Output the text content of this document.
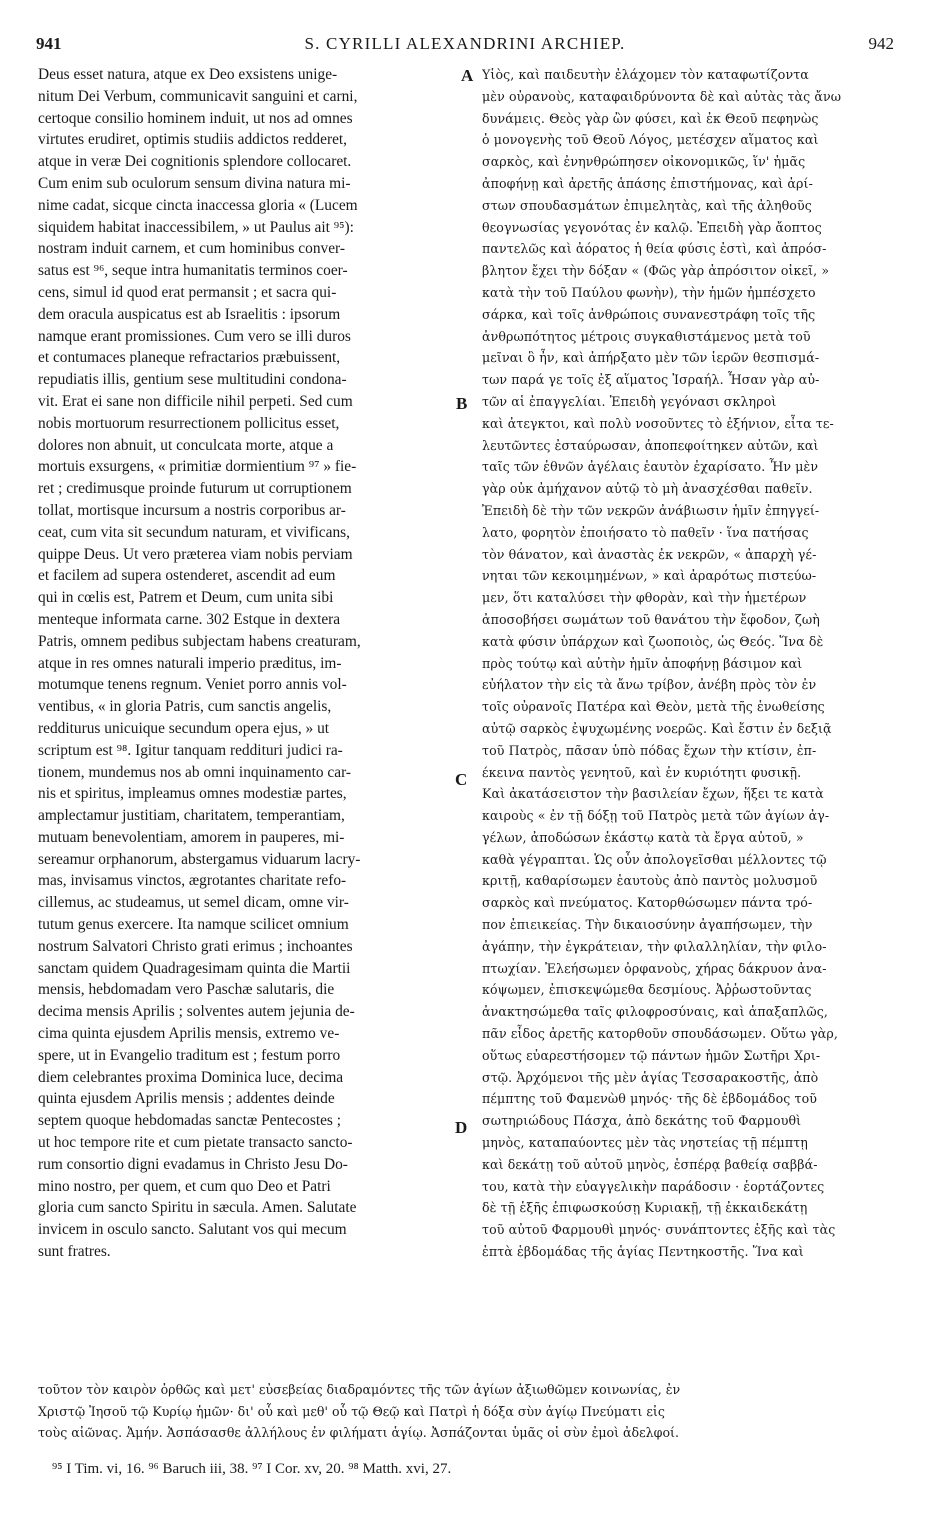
941	S. CYRILLI ALEXANDRINI ARCHIEP.	942
Deus esset natura, atque ex Deo exsistens unige-
nitum Dei Verbum, communicavit sanguini et carni,
certoque consilio hominem induit, ut nos ad omnes
virtutes erudiret, optimis studiis addictos redderet,
atque in veræ Dei cognitionis splendore collocaret.
Cum enim sub oculorum sensum divina natura mi-
nime cadat, sicque cincta inaccessa gloria « (Lucem
siquidem habitat inaccessibilem, » ut Paulus ait ⁹⁵):
nostram induit carnem, et cum hominibus conver-
satus est ⁹⁶, seque intra humanitatis terminos coer-
cens, simul id quod erat permansit ; et sacra qui-
dem oracula auspicatus est ab Israelitis : ipsorum
namque erant promissiones. Cum vero se illi duros
et contumaces planeque refractarios præbuissent,
repudiatis illis, gentium sese multitudini condona-
vit. Erat ei sane non difficile nihil perpeti. Sed cum
nobis mortuorum resurrectionem pollicitus esset,
dolores non abnuit, ut conculcata morte, atque a
mortuis exsurgens, « primitiæ dormientium ⁹⁷ » fie-
ret ; credimusque proinde futurum ut corruptionem
tollat, mortisque incursum a nostris corporibus ar-
ceat, cum vita sit secundum naturam, et vivificans,
quippe Deus. Ut vero præterea viam nobis perviam
et facilem ad supera ostenderet, ascendit ad eum
qui in cœlis est, Patrem et Deum, cum unita sibi
menteque informata carne. 302 Estque in dextera
Patris, omnem pedibus subjectam habens creaturam,
atque in res omnes naturali imperio præditus, im-
motumque tenens regnum. Veniet porro annis vol-
ventibus, « in gloria Patris, cum sanctis angelis,
redditurus unicuique secundum opera ejus, » ut
scriptum est ⁹⁸. Igitur tanquam reddituri judici ra-
tionem, mundemus nos ab omni inquinamento car-
nis et spiritus, impleamus omnes modestiæ partes,
amplectamur justitiam, charitatem, temperantiam,
mutuam benevolentiam, amorem in pauperes, mi-
sereamur orphanorum, abstergamus viduarum lacry-
mas, invisamus vinctos, ægrotantes charitate refo-
cillemus, ac studeamus, ut semel dicam, omne vir-
tutum genus exercere. Ita namque scilicet omnium
nostrum Salvatori Christo grati erimus ; inchoantes
sanctam quidem Quadragesimam quinta die Martii
mensis, hebdomadam vero Paschæ salutaris, die
decima mensis Aprilis ; solventes autem jejunia de-
cima quinta ejusdem Aprilis mensis, extremo ve-
spere, ut in Evangelio traditum est ; festum porro
diem celebrantes proxima Dominica luce, decima
quinta ejusdem Aprilis mensis ; addentes deinde
septem quoque hebdomadas sanctæ Pentecostes ;
ut hoc tempore rite et cum pietate transacto sancto-
rum consortio digni evadamus in Christo Jesu Do-
mino nostro, per quem, et cum quo Deo et Patri
gloria cum sancto Spiritu in sæcula. Amen. Salutate
invicem in osculo sancto. Salutant vos qui mecum
sunt fratres.
Υἱὸς, καὶ παιδευτὴν ἐλάχομεν τὸν καταφωτίζοντα
μὲν οὐρανοὺς, καταφαιδρύνοντα δὲ καὶ αὐτὰς τὰς ἄνω
δυνάμεις. Θεὸς γὰρ ὢν φύσει, καὶ ἐκ Θεοῦ πεφηνὼς
ὁ μονογενὴς τοῦ Θεοῦ Λόγος, μετέσχεν αἵματος καὶ
σαρκὸς, καὶ ἐνηνθρώπησεν οἰκονομικῶς, ἵν' ἡμᾶς
ἀποφήνῃ καὶ ἀρετῆς ἁπάσης ἐπιστήμονας, καὶ ἀρί-
στων σπουδασμάτων ἐπιμελητὰς, καὶ τῆς ἀληθοῦς
θεογνωσίας γεγονότας ἐν καλῷ. Ἐπειδὴ γὰρ ἄοπτος
παντελῶς καὶ ἀόρατος ἡ θεία φύσις ἐστὶ, καὶ ἀπρόσ-
βλητον ἔχει τὴν δόξαν « (Φῶς γὰρ ἀπρόσιτον οἰκεῖ, »
κατὰ τὴν τοῦ Παύλου φωνὴν), τὴν ἡμῶν ἠμπέσχετο
σάρκα, καὶ τοῖς ἀνθρώποις συνανεστράφη τοῖς τῆς
ἀνθρωπότητος μέτροις συγκαθιστάμενος μετὰ τοῦ
μεῖναι ὃ ἦν, καὶ ἀπήρξατο μὲν τῶν ἱερῶν θεσπισμά-
των παρά γε τοῖς ἐξ αἵματος Ἰσραήλ. Ἦσαν γὰρ αὐ-
τῶν αἱ ἐπαγγελίαι. Ἐπειδὴ γεγόνασι σκληροὶ
καὶ ἀτεγκτοι, καὶ πολὺ νοσοῦντες τὸ ἐξήνιον, εἶτα τε-
λευτῶντες ἐσταύρωσαν, ἀποπεφοίτηκεν αὐτῶν, καὶ
ταῖς τῶν ἐθνῶν ἀγέλαις ἑαυτὸν ἐχαρίσατο. Ἦν μὲν
γὰρ οὐκ ἀμήχανον αὐτῷ τὸ μὴ ἀνασχέσθαι παθεῖν.
Ἐπειδὴ δὲ τὴν τῶν νεκρῶν ἀνάβιωσιν ἡμῖν ἐπηγγεί-
λατο, φορητὸν ἐποιήσατο τὸ παθεῖν · ἵνα πατήσας
τὸν θάνατον, καὶ ἀναστὰς ἐκ νεκρῶν, « ἀπαρχὴ γέ-
νηται τῶν κεκοιμημένων, » καὶ ἀραρότως πιστεύω-
μεν, ὅτι καταλύσει τὴν φθορὰν, καὶ τὴν ἡμετέρων
ἀποσοβήσει σωμάτων τοῦ θανάτου τὴν ἔφοδον, ζωὴ
κατὰ φύσιν ὑπάρχων καὶ ζωοποιὸς, ὡς Θεός. Ἵνα δὲ
πρὸς τούτῳ καὶ αὐτὴν ἡμῖν ἀποφήνῃ βάσιμον καὶ
εὐήλατον τὴν εἰς τὰ ἄνω τρίβον, ἀνέβη πρὸς τὸν ἐν
τοῖς οὐρανοῖς Πατέρα καὶ Θεὸν, μετὰ τῆς ἑνωθείσης
αὐτῷ σαρκὸς ἐψυχωμένης νοερῶς. Καὶ ἔστιν ἐν δεξιᾷ
τοῦ Πατρὸς, πᾶσαν ὑπὸ πόδας ἔχων τὴν κτίσιν, ἐπ-
έκεινα παντὸς γενητοῦ, καὶ ἐν κυριότητι φυσικῇ.
Καὶ ἀκατάσειστον τὴν βασιλείαν ἔχων, ἥξει τε κατὰ
καιροὺς « ἐν τῇ δόξῃ τοῦ Πατρὸς μετὰ τῶν ἁγίων ἀγ-
γέλων, ἀποδώσων ἑκάστῳ κατὰ τὰ ἔργα αὐτοῦ, »
καθὰ γέγραπται. Ὡς οὖν ἀπολογεῖσθαι μέλλοντες τῷ
κριτῇ, καθαρίσωμεν ἑαυτοὺς ἀπὸ παντὸς μολυσμοῦ
σαρκὸς καὶ πνεύματος. Κατορθώσωμεν πάντα τρό-
πον ἐπιεικείας. Τὴν δικαιοσύνην ἀγαπήσωμεν, τὴν
ἀγάπην, τὴν ἐγκράτειαν, τὴν φιλαλληλίαν, τὴν φιλο-
πτωχίαν. Ἐλεήσωμεν ὀρφανοὺς, χήρας δάκρυον ἀνα-
κόψωμεν, ἐπισκεψώμεθα δεσμίους. Ἀῤῥωστοῦντας
ἀνακτησώμεθα ταῖς φιλοφροσύναις, καὶ ἁπαξαπλῶς,
πᾶν εἶδος ἀρετῆς κατορθοῦν σπουδάσωμεν. Οὕτω γὰρ,
οὕτως εὐαρεστήσομεν τῷ πάντων ἡμῶν Σωτῆρι Χρι-
στῷ. Ἀρχόμενοι τῆς μὲν ἁγίας Τεσσαρακοστῆς, ἀπὸ
πέμπτης τοῦ Φαμενὼθ μηνός· τῆς δὲ ἑβδομάδος τοῦ
σωτηριώδους Πάσχα, ἀπὸ δεκάτης τοῦ Φαρμουθὶ
μηνὸς, καταπαύοντες μὲν τὰς νηστείας τῇ πέμπτῃ
καὶ δεκάτῃ τοῦ αὐτοῦ μηνὸς, ἑσπέρᾳ βαθείᾳ σαββά-
του, κατὰ τὴν εὐαγγελικὴν παράδοσιν · ἑορτάζοντες
δὲ τῇ ἑξῆς ἐπιφωσκούσῃ Κυριακῇ, τῇ ἐκκαιδεκάτῃ
τοῦ αὐτοῦ Φαρμουθὶ μηνός· συνάπτοντες ἑξῆς καὶ τὰς
ἑπτὰ ἑβδομάδας τῆς ἁγίας Πεντηκοστῆς. Ἵνα καὶ
A
B
C
D
τοῦτον τὸν καιρὸν ὀρθῶς καὶ μετ' εὐσεβείας διαδραμόντες τῆς τῶν ἁγίων ἀξιωθῶμεν κοινωνίας, ἐν
Χριστῷ Ἰησοῦ τῷ Κυρίῳ ἡμῶν· δι' οὗ καὶ μεθ' οὗ τῷ Θεῷ καὶ Πατρὶ ἡ δόξα σὺν ἁγίῳ Πνεύματι εἰς
τοὺς αἰῶνας. Ἀμήν. Ἀσπάσασθε ἀλλήλους ἐν φιλήματι ἁγίῳ. Ἀσπάζονται ὑμᾶς οἱ σὺν ἐμοὶ ἀδελφοί.
⁹⁵ I Tim. vi, 16. ⁹⁶ Baruch iii, 38. ⁹⁷ I Cor. xv, 20. ⁹⁸ Matth. xvi, 27.
